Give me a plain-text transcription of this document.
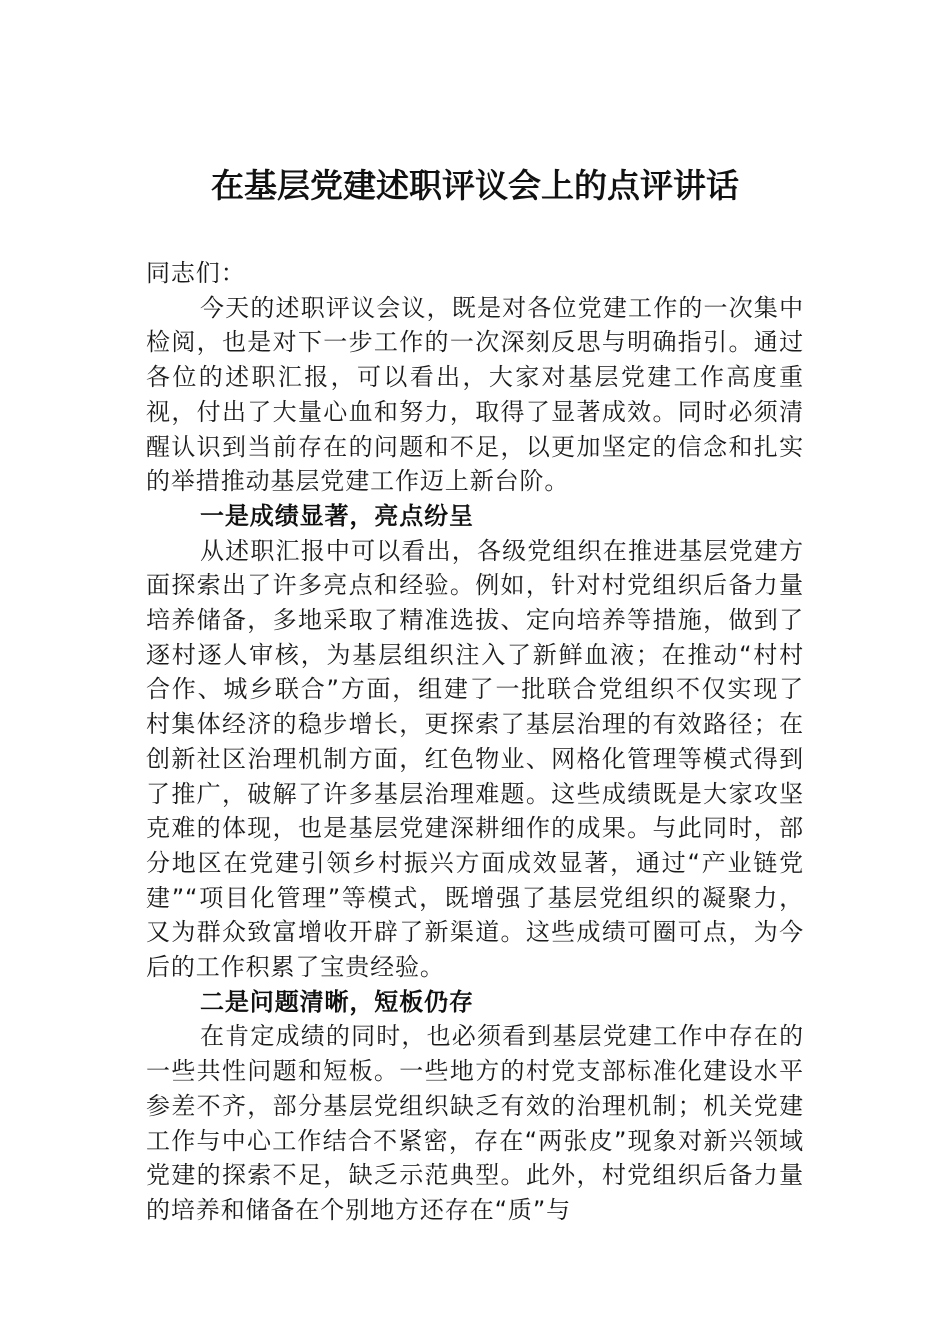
在基层党建述职评议会上的点评讲话

同志们：

今天的述职评议会议，既是对各位党建工作的一次集中检阅，也是对下一步工作的一次深刻反思与明确指引。通过各位的述职汇报，可以看出，大家对基层党建工作高度重视，付出了大量心血和努力，取得了显著成效。同时必须清醒认识到当前存在的问题和不足，以更加坚定的信念和扎实的举措推动基层党建工作迈上新台阶。

一是成绩显著，亮点纷呈

从述职汇报中可以看出，各级党组织在推进基层党建方面探索出了许多亮点和经验。例如，针对村党组织后备力量培养储备，多地采取了精准选拔、定向培养等措施，做到了逐村逐人审核，为基层组织注入了新鲜血液；在推动“村村合作、城乡联合”方面，组建了一批联合党组织不仅实现了村集体经济的稳步增长，更探索了基层治理的有效路径；在创新社区治理机制方面，红色物业、网格化管理等模式得到了推广，破解了许多基层治理难题。这些成绩既是大家攻坚克难的体现，也是基层党建深耕细作的成果。与此同时，部分地区在党建引领乡村振兴方面成效显著，通过“产业链党建”“项目化管理”等模式，既增强了基层党组织的凝聚力，又为群众致富增收开辟了新渠道。这些成绩可圈可点，为今后的工作积累了宝贵经验。

二是问题清晰，短板仍存

在肯定成绩的同时，也必须看到基层党建工作中存在的一些共性问题和短板。一些地方的村党支部标准化建设水平参差不齐，部分基层党组织缺乏有效的治理机制；机关党建工作与中心工作结合不紧密，存在“两张皮”现象对新兴领域党建的探索不足，缺乏示范典型。此外，村党组织后备力量的培养和储备在个别地方还存在“质”与
